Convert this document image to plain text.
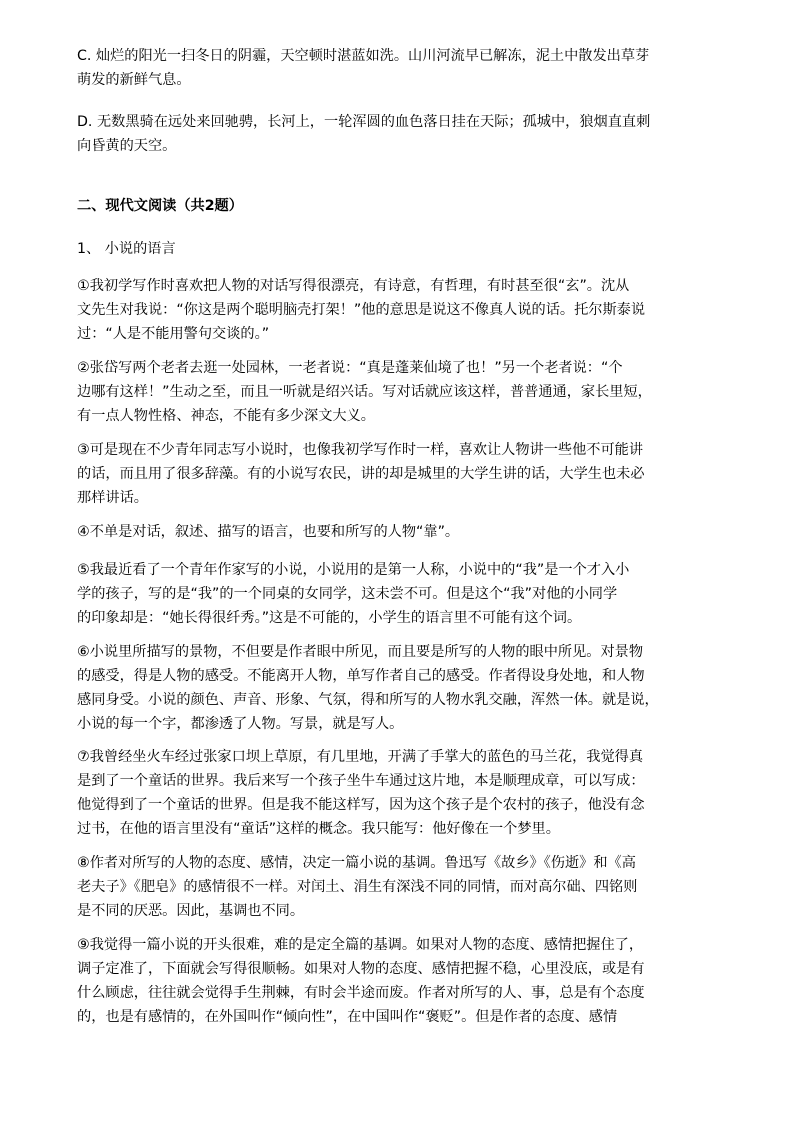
C. 灿烂的阳光一扫冬日的阴霾，天空顿时湛蓝如洗。山川河流早已解冻，泥土中散发出草芽
萌发的新鲜气息。
D. 无数黑骑在远处来回驰骋，长河上，一轮浑圆的血色落日挂在天际；孤城中，狼烟直直刺
向昏黄的天空。
二、现代文阅读（共2题）
1、 小说的语言
①我初学写作时喜欢把人物的对话写得很漂亮，有诗意，有哲理，有时甚至很“玄”。沈从
文先生对我说：“你这是两个聪明脑壳打架！”他的意思是说这不像真人说的话。托尔斯泰说
过：“人是不能用警句交谈的。”
②张岱写两个老者去逛一处园林，一老者说：“真是蓬莱仙境了也！”另一个老者说：“个
边哪有这样！”生动之至，而且一听就是绍兴话。写对话就应该这样，普普通通，家长里短，
有一点人物性格、神态，不能有多少深文大义。
③可是现在不少青年同志写小说时，也像我初学写作时一样，喜欢让人物讲一些他不可能讲
的话，而且用了很多辞藻。有的小说写农民，讲的却是城里的大学生讲的话，大学生也未必
那样讲话。
④不单是对话，叙述、描写的语言，也要和所写的人物“靠”。
⑤我最近看了一个青年作家写的小说，小说用的是第一人称，小说中的“我”是一个才入小
学的孩子，写的是“我”的一个同桌的女同学，这未尝不可。但是这个“我”对他的小同学
的印象却是：“她长得很纤秀。”这是不可能的，小学生的语言里不可能有这个词。
⑥小说里所描写的景物，不但要是作者眼中所见，而且要是所写的人物的眼中所见。对景物
的感受，得是人物的感受。不能离开人物，单写作者自己的感受。作者得设身处地，和人物
感同身受。小说的颜色、声音、形象、气氛，得和所写的人物水乳交融，浑然一体。就是说，
小说的每一个字，都渗透了人物。写景，就是写人。
⑦我曾经坐火车经过张家口坝上草原，有几里地，开满了手掌大的蓝色的马兰花，我觉得真
是到了一个童话的世界。我后来写一个孩子坐牛车通过这片地，本是顺理成章，可以写成：
他觉得到了一个童话的世界。但是我不能这样写，因为这个孩子是个农村的孩子，他没有念
过书，在他的语言里没有“童话”这样的概念。我只能写：他好像在一个梦里。
⑧作者对所写的人物的态度、感情，决定一篇小说的基调。鲁迅写《故乡》《伤逝》和《高
老夫子》《肥皂》的感情很不一样。对闰土、涓生有深浅不同的同情，而对高尔础、四铭则
是不同的厌恶。因此，基调也不同。
⑨我觉得一篇小说的开头很难，难的是定全篇的基调。如果对人物的态度、感情把握住了，
调子定准了，下面就会写得很顺畅。如果对人物的态度、感情把握不稳，心里没底，或是有
什么顾虑，往往就会觉得手生荆棘，有时会半途而废。作者对所写的人、事，总是有个态度
的，也是有感情的，在外国叫作“倾向性”，在中国叫作“褒贬”。但是作者的态度、感情
